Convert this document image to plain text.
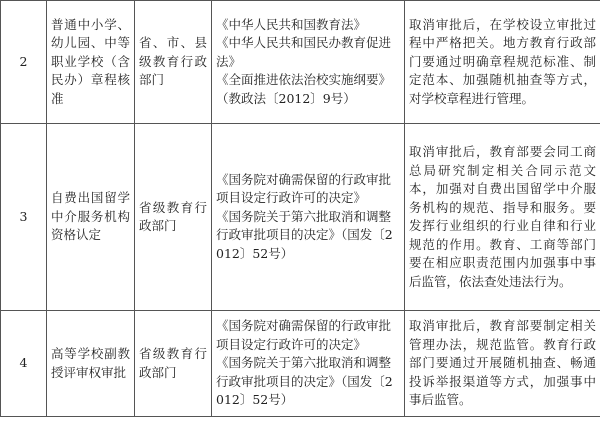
2	普通中小学、幼儿园、中等职业学校（含民办）章程核准	省、市、县级教育行政部门	《中华人民共和国教育法》
《中华人民共和国民办教育促进法》
《全面推进依法治校实施纲要》（教政法〔2012〕9号）	取消审批后，在学校设立审批过程中严格把关。地方教育行政部门要通过明确章程规范标准、制定范本、加强随机抽查等方式，对学校章程进行管理。
3	自费出国留学中介服务机构资格认定	省级教育行政部门	《国务院对确需保留的行政审批项目设定行政许可的决定》
《国务院关于第六批取消和调整行政审批项目的决定》（国发〔2012〕52号）	取消审批后，教育部要会同工商总局研究制定相关合同示范文本，加强对自费出国留学中介服务机构的规范、指导和服务。要发挥行业组织的行业自律和行业规范的作用。教育、工商等部门要在相应职责范围内加强事中事后监管，依法查处违法行为。
4	高等学校副教授评审权审批	省级教育行政部门	《国务院对确需保留的行政审批项目设定行政许可的决定》
《国务院关于第六批取消和调整行政审批项目的决定》（国发〔2012〕52号）	取消审批后，教育部要制定相关管理办法，规范监管。教育行政部门要通过开展随机抽查、畅通投诉举报渠道等方式，加强事中事后监管。
